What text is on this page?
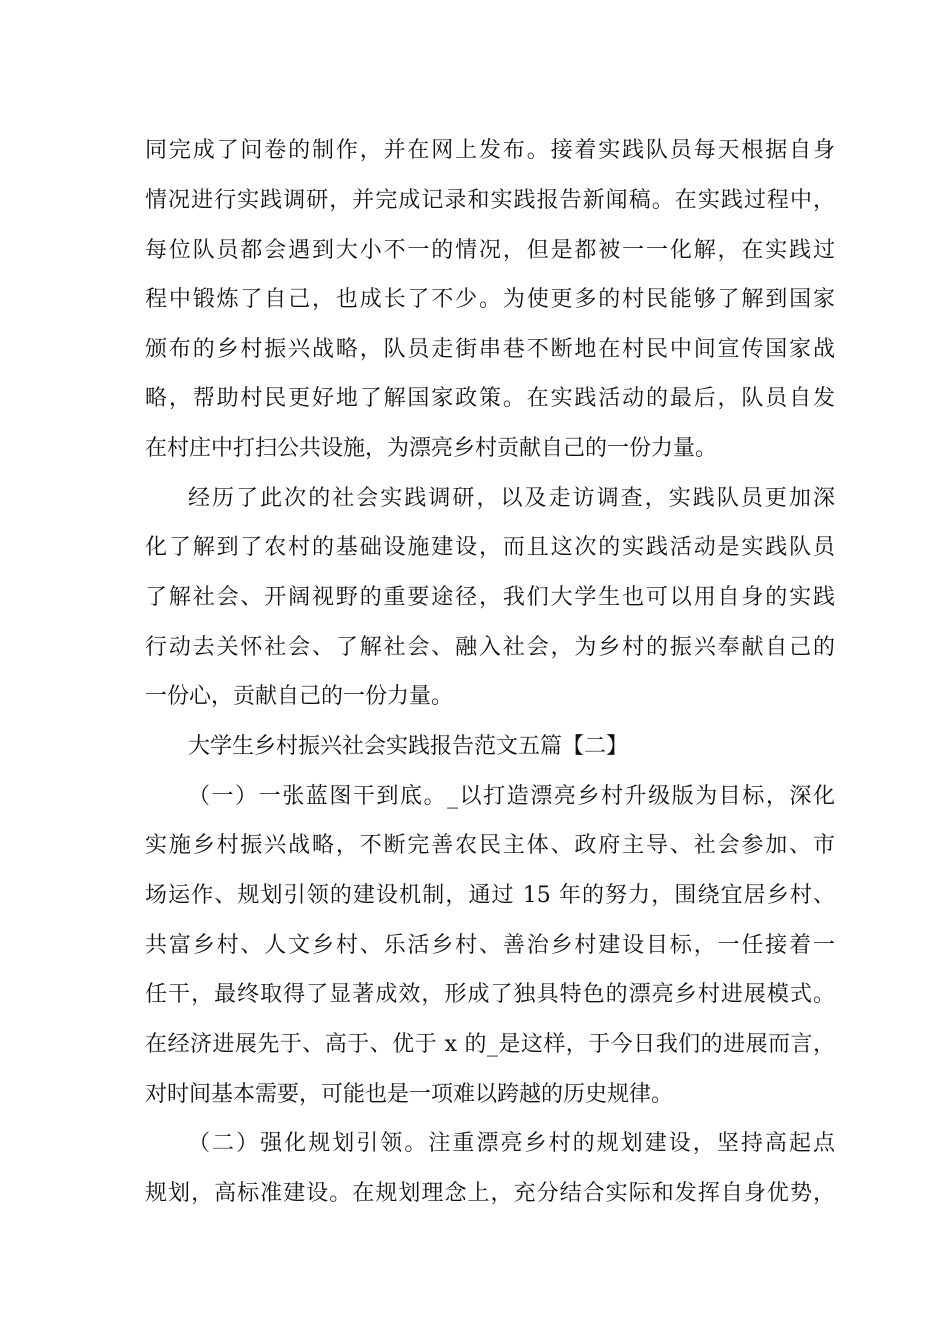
同完成了问卷的制作，并在网上发布。接着实践队员每天根据自身
情况进行实践调研，并完成记录和实践报告新闻稿。在实践过程中，
每位队员都会遇到大小不一的情况，但是都被一一化解，在实践过
程中锻炼了自己，也成长了不少。为使更多的村民能够了解到国家
颁布的乡村振兴战略，队员走街串巷不断地在村民中间宣传国家战
略，帮助村民更好地了解国家政策。在实践活动的最后，队员自发
在村庄中打扫公共设施，为漂亮乡村贡献自己的一份力量。
经历了此次的社会实践调研，以及走访调查，实践队员更加深
化了解到了农村的基础设施建设，而且这次的实践活动是实践队员
了解社会、开阔视野的重要途径，我们大学生也可以用自身的实践
行动去关怀社会、了解社会、融入社会，为乡村的振兴奉献自己的
一份心，贡献自己的一份力量。
大学生乡村振兴社会实践报告范文五篇【二】
（一）一张蓝图干到底。_以打造漂亮乡村升级版为目标，深化
实施乡村振兴战略，不断完善农民主体、政府主导、社会参加、市
场运作、规划引领的建设机制，通过 15 年的努力，围绕宜居乡村、
共富乡村、人文乡村、乐活乡村、善治乡村建设目标，一任接着一
任干，最终取得了显著成效，形成了独具特色的漂亮乡村进展模式。
在经济进展先于、高于、优于 x 的_是这样，于今日我们的进展而言，
对时间基本需要，可能也是一项难以跨越的历史规律。
（二）强化规划引领。注重漂亮乡村的规划建设，坚持高起点
规划，高标准建设。在规划理念上，充分结合实际和发挥自身优势，
